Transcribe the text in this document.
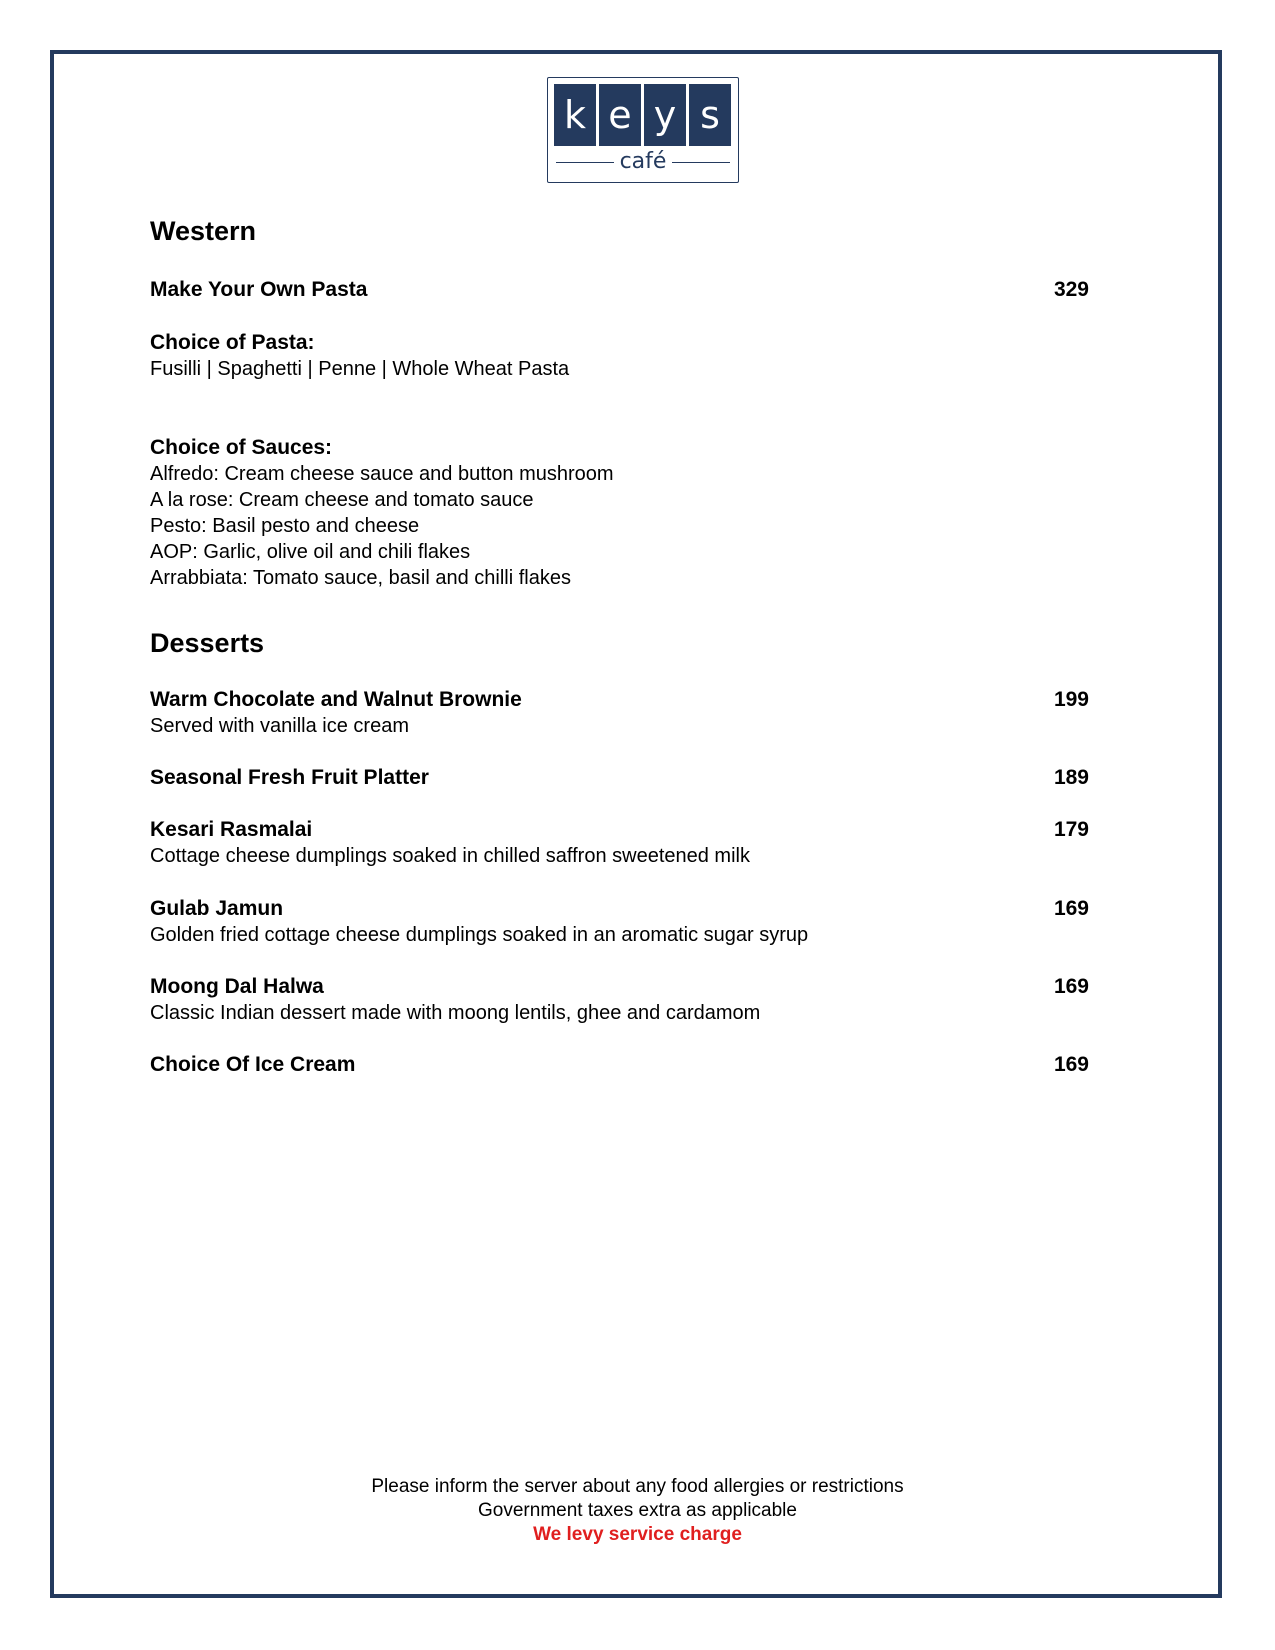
k e y s
café
Western
Make Your Own Pasta	329
Choice of Pasta:
Fusilli | Spaghetti | Penne | Whole Wheat Pasta
Choice of Sauces:
Alfredo: Cream cheese sauce and button mushroom
A la rose: Cream cheese and tomato sauce
Pesto: Basil pesto and cheese
AOP: Garlic, olive oil and chili flakes
Arrabbiata: Tomato sauce, basil and chilli flakes
Desserts
Warm Chocolate and Walnut Brownie	199
Served with vanilla ice cream
Seasonal Fresh Fruit Platter	189
Kesari Rasmalai	179
Cottage cheese dumplings soaked in chilled saffron sweetened milk
Gulab Jamun	169
Golden fried cottage cheese dumplings soaked in an aromatic sugar syrup
Moong Dal Halwa	169
Classic Indian dessert made with moong lentils, ghee and cardamom
Choice Of Ice Cream	169
Please inform the server about any food allergies or restrictions
Government taxes extra as applicable
We levy service charge
